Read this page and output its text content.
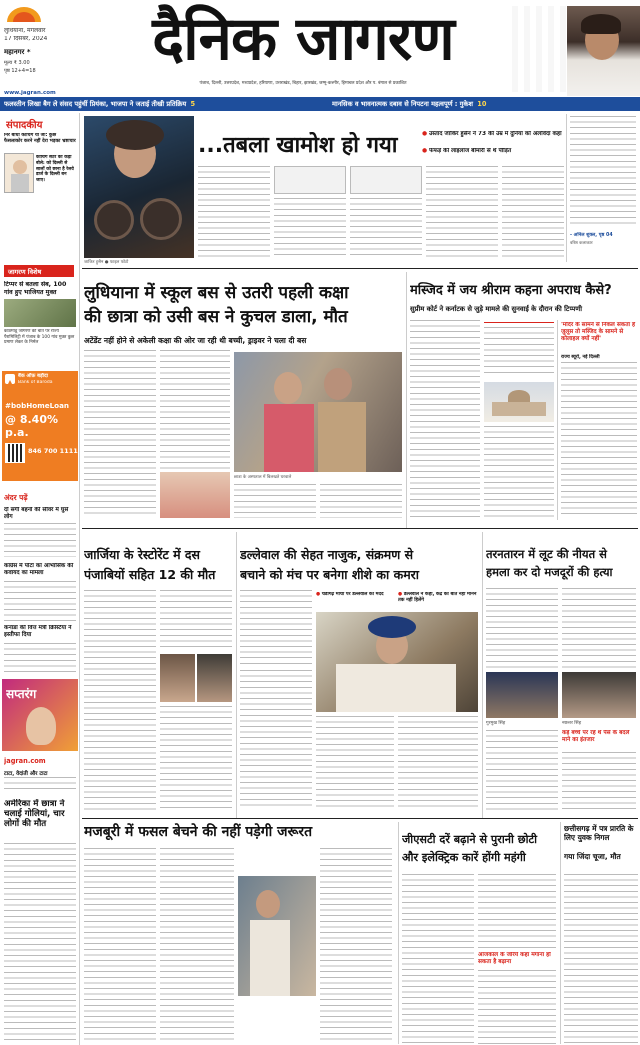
लुधियाना, मंगलवार
17 दिसंबर, 2024
महानगर *
मूल्य ₹ 3.00
पृष्ठ 12+4=18	दैनिक जागरण
पंजाब, दिल्ली, उत्तरप्रदेश, मध्यप्रदेश, हरियाणा, उत्तराखंड, बिहार, झारखंड, जम्मू-कश्मीर, हिमाचल प्रदेश और प. बंगाल से प्रकाशित
www.jagran.com
फलस्तीन लिखा बैग ले संसद पहुंचीं प्रियंका, भाजपा ने जताई तीखी प्रतिक्रिय 5	मानसिक व भावनात्मक दबाव से निपटना महत्वपूर्ण : गुकेश 10
संपादकीय
निर बाधा कोचिंग या जा: कुछ फैसलाकोर करने नहीं देरा भड़का भ्रष्टाचार
कोचिंग सेंटर की कड़ी बोले: को दिल्ली से सालों को छाना है रेलवे डार्ज के दिल्ली बन जाए।
जागरण विशेष
टिप्पर से बतला सेब, 100 गांव हुए भाजियत मुक्त
काठमांडू जागरण की बात पर राज्य पैरामिलिट्री में पंजाब के 100 गांव मुक्त कुछ प्रमाण लेकर के निर्मल
बैंक ऑफ़ बड़ौदा
Bank of Baroda
#bobHomeLoan
@ 8.40% p.a.
846 700 1111
अंदर पढ़ें
दो सगी बहनों की सीवर में घुसे लोग
कांग्रेस में पोटा का आभासिक की कवायद का मामला
कनाडा की वित्त मंत्री क्रिस्टिया ने इस्तीफा दिया
सप्तरंग
jagran.com
टाटा, वेदांती और टाटा
अमेरिका में छात्रा ने चलाई गोलियां, चार लोगों की मौत
जाकिर हुसैन ● फाइल फोटो
...तबला खामोश हो गया	● उस्ताद जाकिर हुसैन ने 73 की उम्र में दुनिया को अलविदा कहा
● फेफड़े की लाइलाज बीमारी से थे पीड़ित
- अनिल शुक्ल, पृष्ठ 04
वरिष्ठ कलाकार
लुधियाना में स्कूल बस से उतरी पहली कक्षा
की छात्रा को उसी बस ने कुचल डाला, मौत
अटेंडेंट नहीं होने से अकेली कक्षा की ओर जा रही थी बच्ची, ड्राइवर ने चला दी बस
छात्रा के अस्पताल में बिलखते घरवाले
मस्जिद में जय श्रीराम कहना अपराध कैसे?
सुप्रीम कोर्ट ने कर्नाटक से जुड़े मामले की सुनवाई के दौरान की टिप्पणी
'मंदिर के सामने से निकल सकता है जुलूस तो मस्जिद के सामने से कोलाहल क्यों नहीं'
राज्य ब्यूरो, नई दिल्ली
जार्जिया के रेस्टोरेंट में दस
पंजाबियों सहित 12 की मौत
डल्लेवाल की सेहत नाजुक, संक्रमण से
बचाने को मंच पर बनेगा शीशे का कमरा
● चंडीगढ़ मोर्चा पर डल्लेवाल की मदद	● डल्लेवाल ने कहा, केंद्र को बात नहीं मानने तक नहीं हिलेंगे
तरनतारन में लूट की नीयत से
हमला कर दो मजदूरों की हत्या
गुरमुख सिंह	नछत्तर सिंह
कई बच्चे पर रहे थे पैसे के बदले माने का इंतजार
मजबूरी में फसल बेचने की नहीं पड़ेगी जरूरत	जीएसटी दरें बढ़ाने से पुरानी छोटी
और इलेक्ट्रिक कारें होंगी महंगी
आजकाल के जरिये कहा मंगाना हो सकता है बढ़ाना
छत्तीसगढ़ में पत्र प्रारति के लिए युवक निगल
गया जिंदा चूजा, मौत
